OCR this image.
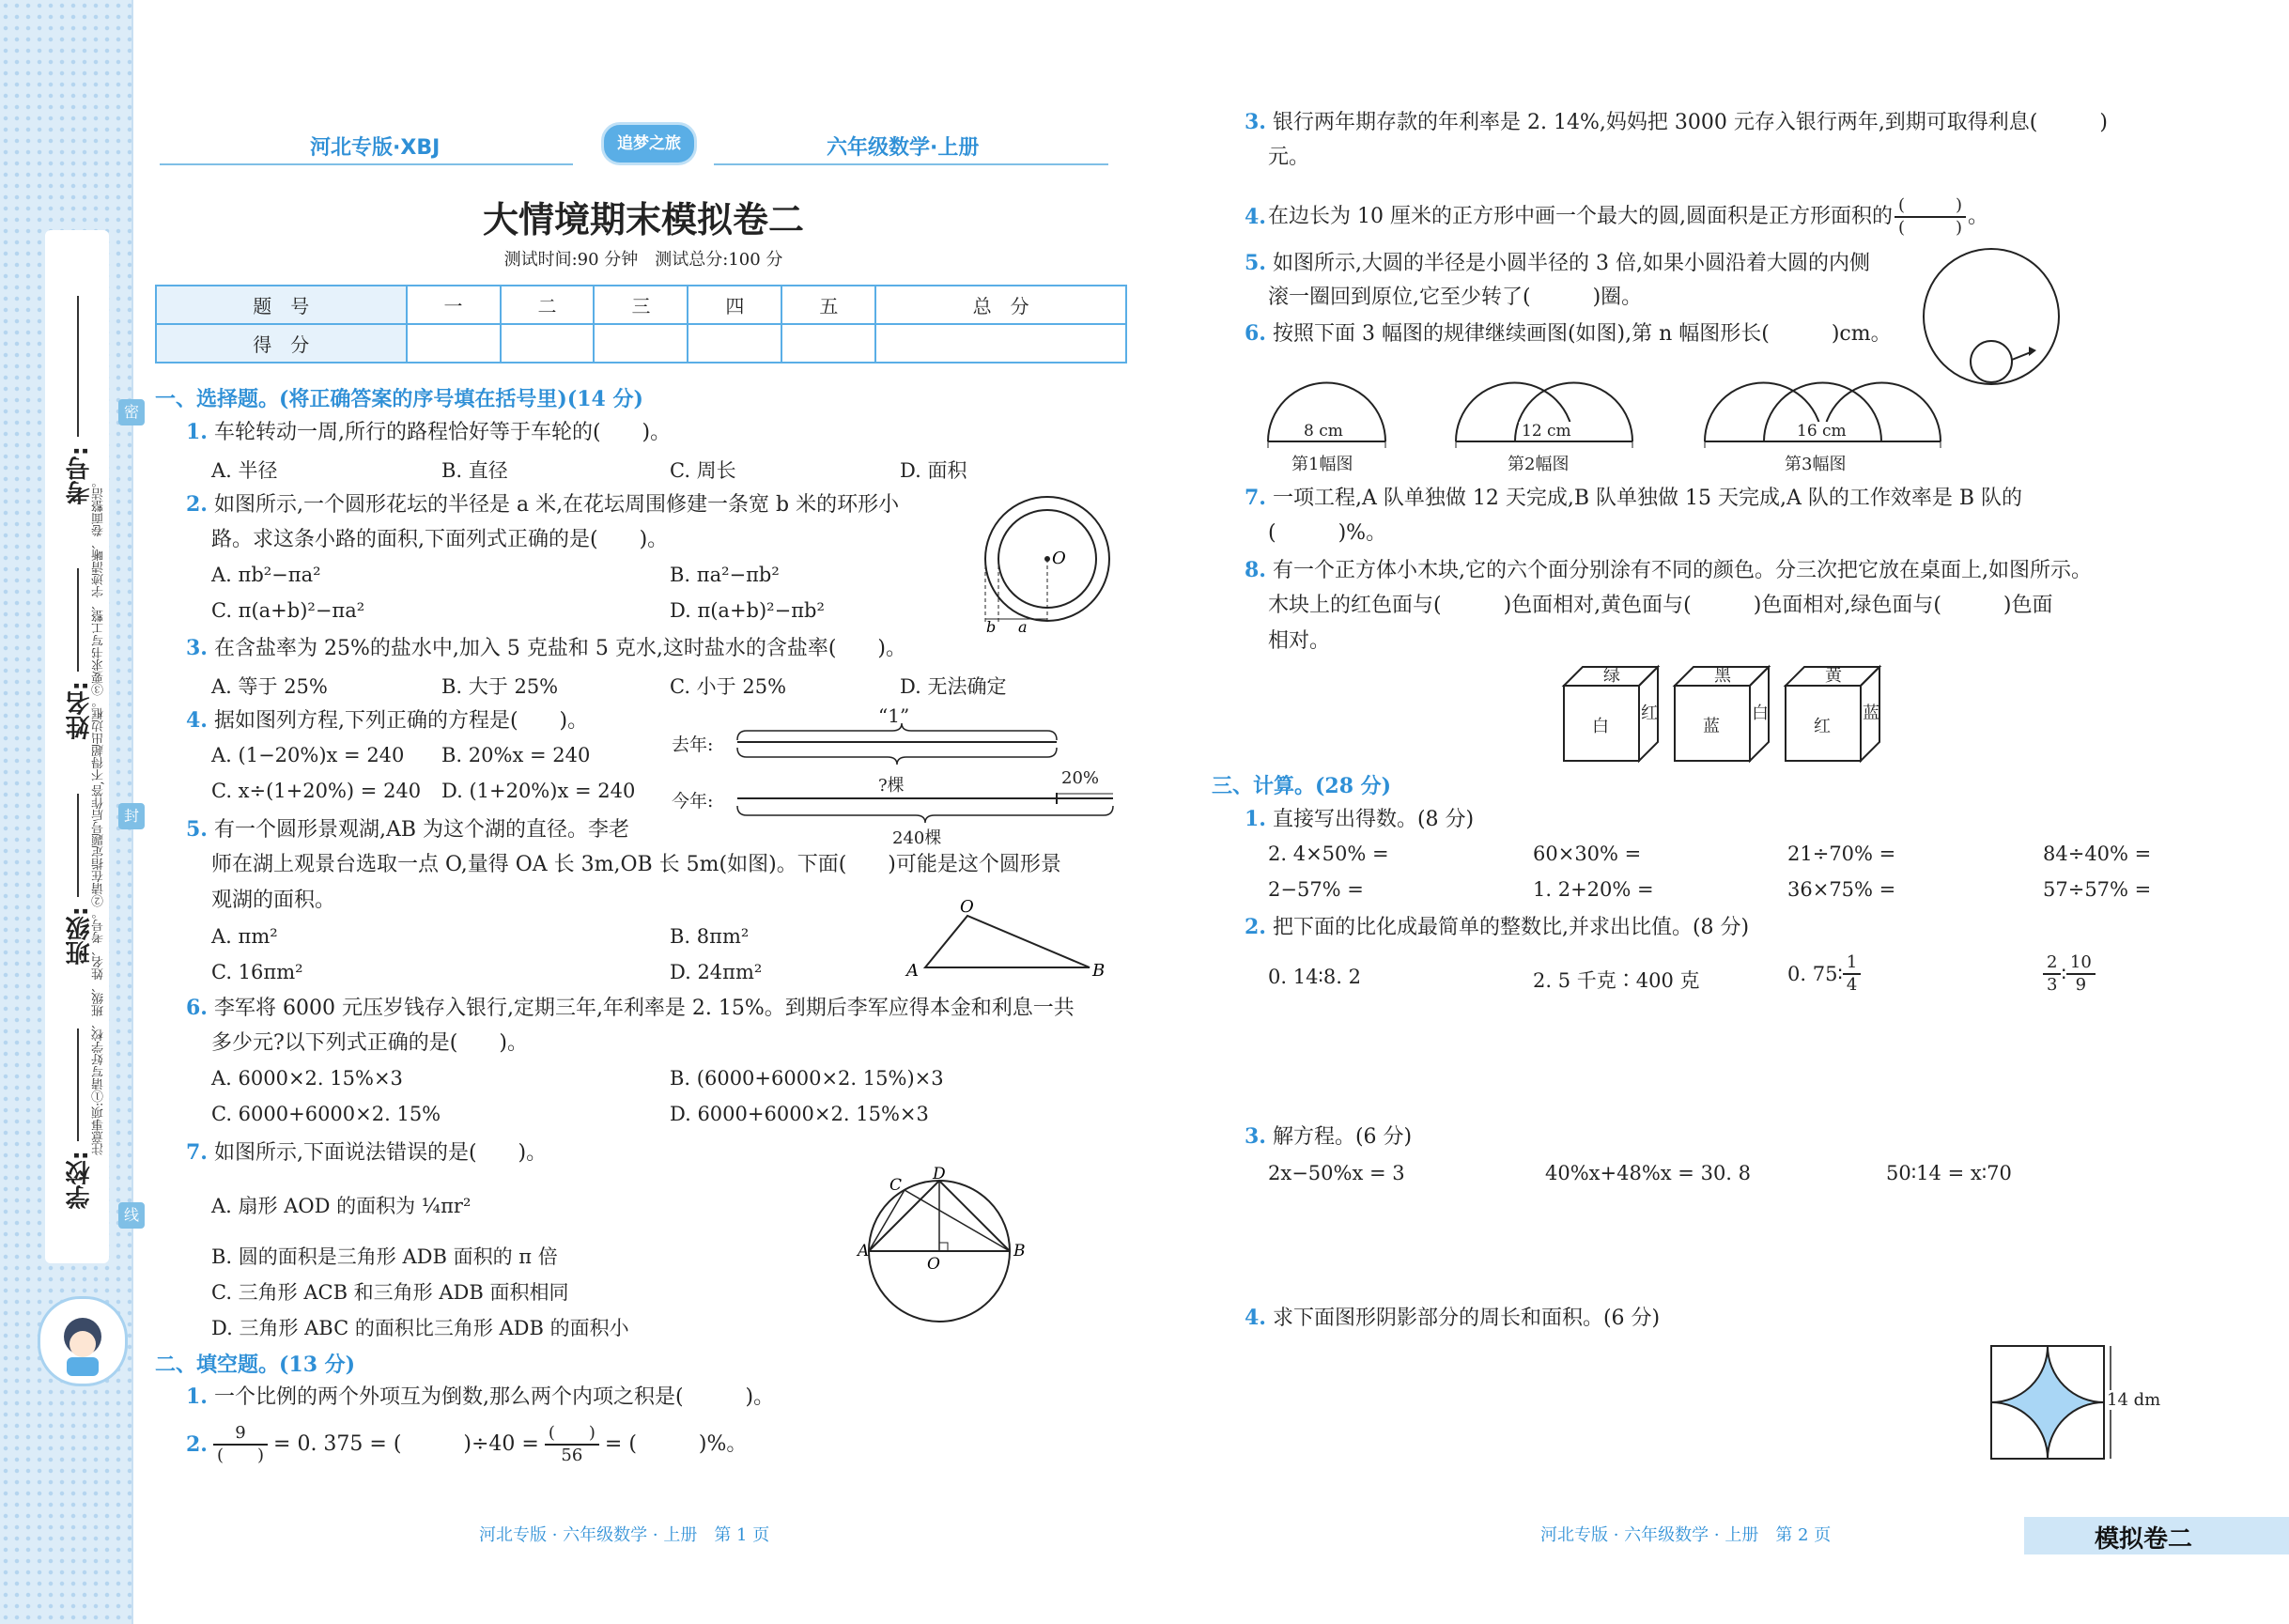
学校:
班级:
姓名:
考号:
注意事项:①请写好学校、班级、姓名、考号。②请在指定题号后作答,不得超出边框。③要求书写工整、字迹清晰、卷面整洁。
密
封
线
河北专版·XBJ	追梦之旅	六年级数学·上册
大情境期末模拟卷二
测试时间:90 分钟　测试总分:100 分
题　号	一	二	三	四	五	总　分
得　分						
一、选择题。(将正确答案的序号填在括号里)(14 分)
1. 车轮转动一周,所行的路程恰好等于车轮的(　　)。
A. 半径	B. 直径	C. 周长	D. 面积
2. 如图所示,一个圆形花坛的半径是 a 米,在花坛周围修建一条宽 b 米的环形小
路。求这条小路的面积,下面列式正确的是(　　)。
A. πb²−πa²	B. πa²−πb²
C. π(a+b)²−πa²	D. π(a+b)²−πb²
O
b a
3. 在含盐率为 25%的盐水中,加入 5 克盐和 5 克水,这时盐水的含盐率(　　)。
A. 等于 25%	B. 大于 25%	C. 小于 25%	D. 无法确定
4. 据如图列方程,下列正确的方程是(　　)。
A. (1−20%)x = 240 B. 20%x = 240
C. x÷(1+20%) = 240 D. (1+20%)x = 240
“1”
去年:
今年:
?棵	20%
240棵
5. 有一个圆形景观湖,AB 为这个湖的直径。李老
师在湖上观景台选取一点 O,量得 OA 长 3m,OB 长 5m(如图)。下面(　　)可能是这个圆形景
观湖的面积。
A. πm²	B. 8πm²
C. 16πm²	D. 24πm²
O
A	B
6. 李军将 6000 元压岁钱存入银行,定期三年,年利率是 2. 15%。到期后李军应得本金和利息一共
多少元?以下列式正确的是(　　)。
A. 6000×2. 15%×3	B. (6000+6000×2. 15%)×3
C. 6000+6000×2. 15%	D. 6000+6000×2. 15%×3
7. 如图所示,下面说法错误的是(　　)。
A. 扇形 AOD 的面积为 ¼πr²
B. 圆的面积是三角形 ADB 面积的 π 倍
C. 三角形 ACB 和三角形 ADB 面积相同
D. 三角形 ABC 的面积比三角形 ADB 的面积小
D
C
A	B
O
二、填空题。(13 分)
1. 一个比例的两个外项互为倒数,那么两个内项之积是(　　　)。
2. $\frac{9}{( )} = 0$. 375 = (　　　)$\div 40 = \frac{( )}{56}$ = (　　　)%。
河北专版 · 六年级数学 · 上册　第 1 页
3. 银行两年期存款的年利率是 2. 14%,妈妈把 3000 元存入银行两年,到期可取得利息(　　　)
元。
4. 在边长为 10 厘米的正方形中画一个最大的圆,圆面积是正方形面积的 $\frac{( )}{( )}$ 。
5. 如图所示,大圆的半径是小圆半径的 3 倍,如果小圆沿着大圆的内侧
滚一圈回到原位,它至少转了(　　　)圈。
6. 按照下面 3 幅图的规律继续画图(如图),第 n 幅图形长(　　　)cm。
8 cm
第1幅图
12 cm
第2幅图
16 cm
第3幅图
7. 一项工程,A 队单独做 12 天完成,B 队单独做 15 天完成,A 队的工作效率是 B 队的
(　　　)%。
8. 有一个正方体小木块,它的六个面分别涂有不同的颜色。分三次把它放在桌面上,如图所示。
木块上的红色面与(　　　)色面相对,黄色面与(　　　)色面相对,绿色面与(　　　)色面
相对。
绿
白
红
黑
蓝
白
黄
红
蓝
三、计算。(28 分)
1. 直接写出得数。(8 分)
2. 4×50% =	60×30% =	21÷70% =	84÷40% =
2−57% =	1. 2+20% =	36×75% =	57÷57% =
2. 把下面的比化成最简单的整数比,并求出比值。(8 分)
0. 14∶8. 2	2. 5 千克∶400 克	0. 75∶ $\frac{1}{4}$	$\frac{2}{3}$ ∶ $\frac{10}{9}$
3. 解方程。(6 分)
2x−50%x = 3	40%x+48%x = 30. 8	50∶14 = x∶70
4. 求下面图形阴影部分的周长和面积。(6 分)
14 dm
河北专版 · 六年级数学 · 上册　第 2 页	模拟卷二
